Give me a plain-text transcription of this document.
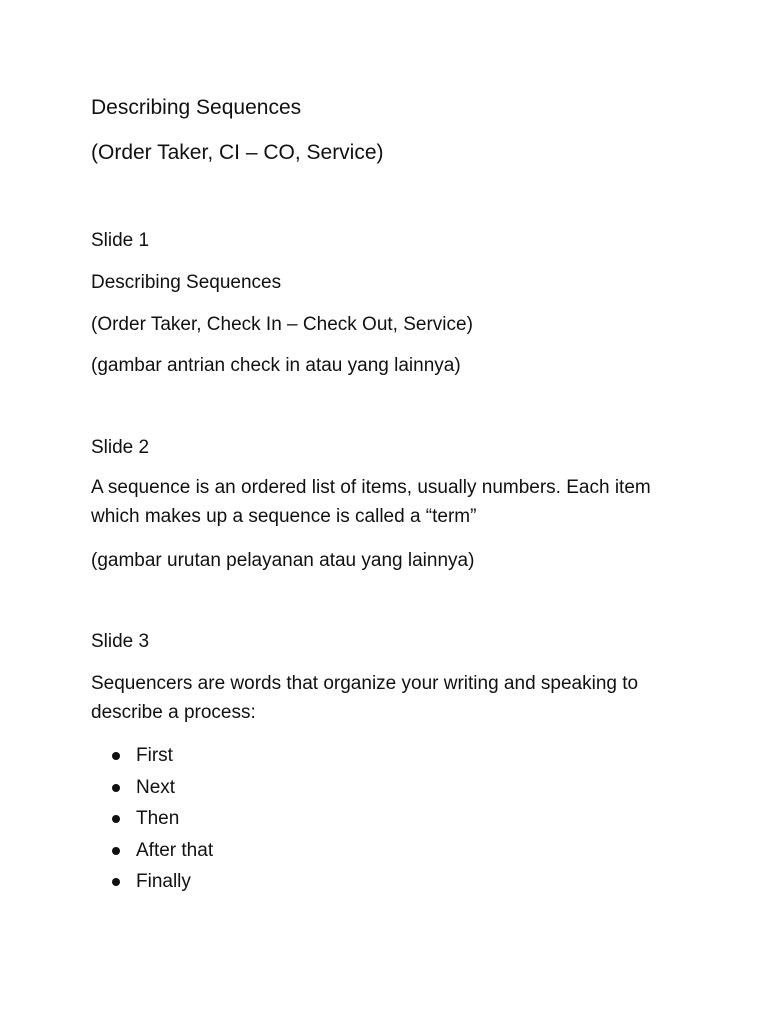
Describing Sequences
(Order Taker, CI – CO, Service)
Slide 1
Describing Sequences
(Order Taker, Check In – Check Out, Service)
(gambar antrian check in atau yang lainnya)
Slide 2
A sequence is an ordered list of items, usually numbers. Each item which makes up a sequence is called a “term”
(gambar urutan pelayanan atau yang lainnya)
Slide 3
Sequencers are words that organize your writing and speaking to describe a process:
First
Next
Then
After that
Finally
